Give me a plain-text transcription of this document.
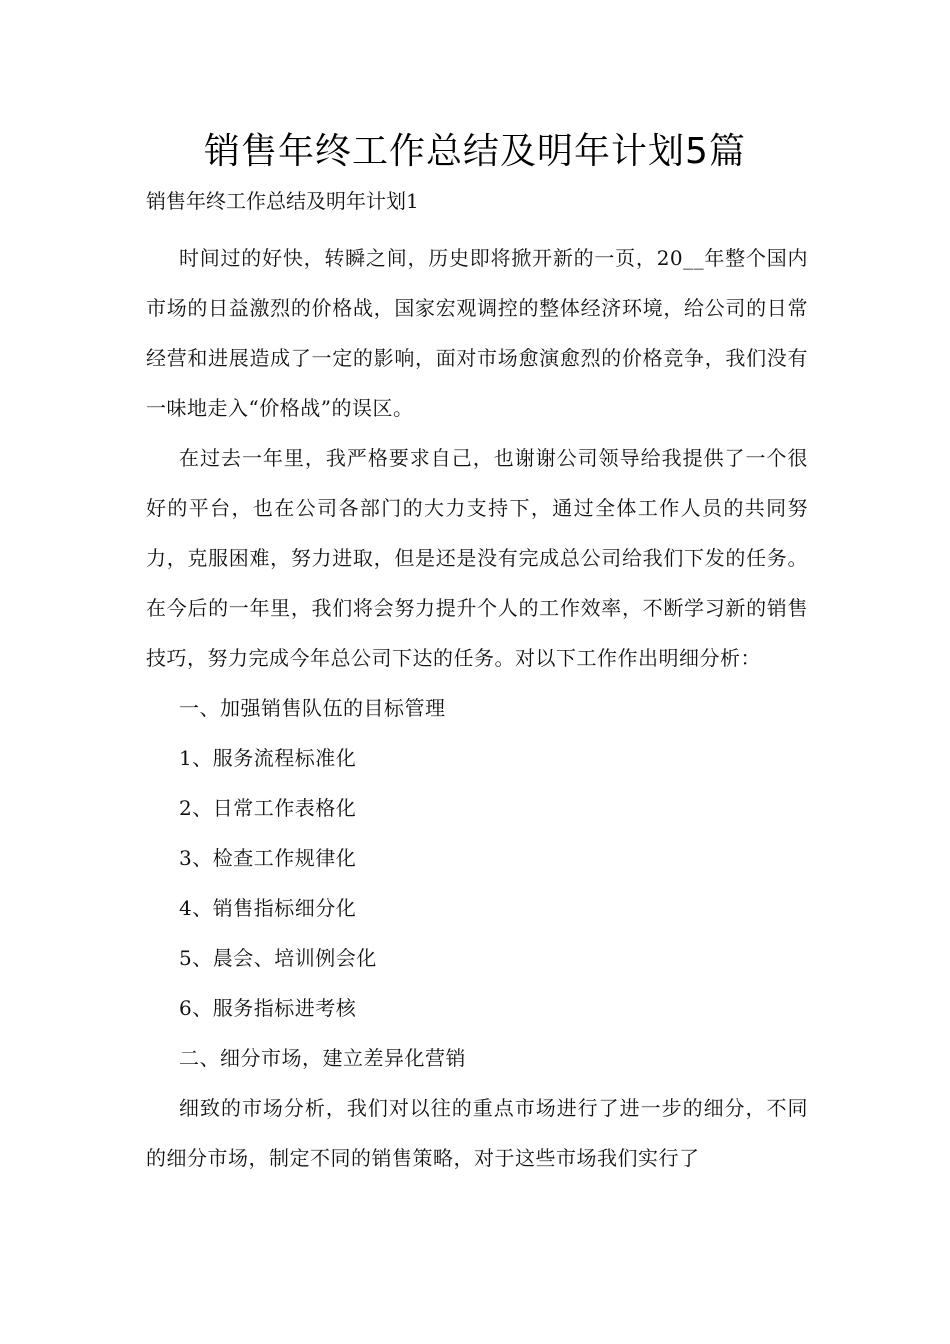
销售年终工作总结及明年计划5篇
销售年终工作总结及明年计划1

时间过的好快，转瞬之间，历史即将掀开新的一页，20__年整个国内市场的日益激烈的价格战，国家宏观调控的整体经济环境，给公司的日常经营和进展造成了一定的影响，面对市场愈演愈烈的价格竞争，我们没有一味地走入“价格战”的误区。

在过去一年里，我严格要求自己，也谢谢公司领导给我提供了一个很好的平台，也在公司各部门的大力支持下，通过全体工作人员的共同努力，克服困难，努力进取，但是还是没有完成总公司给我们下发的任务。在今后的一年里，我们将会努力提升个人的工作效率，不断学习新的销售技巧，努力完成今年总公司下达的任务。对以下工作作出明细分析：

一、加强销售队伍的目标管理

1、服务流程标准化

2、日常工作表格化

3、检查工作规律化

4、销售指标细分化

5、晨会、培训例会化

6、服务指标进考核

二、细分市场，建立差异化营销

细致的市场分析，我们对以往的重点市场进行了进一步的细分，不同的细分市场，制定不同的销售策略，对于这些市场我们实行了
